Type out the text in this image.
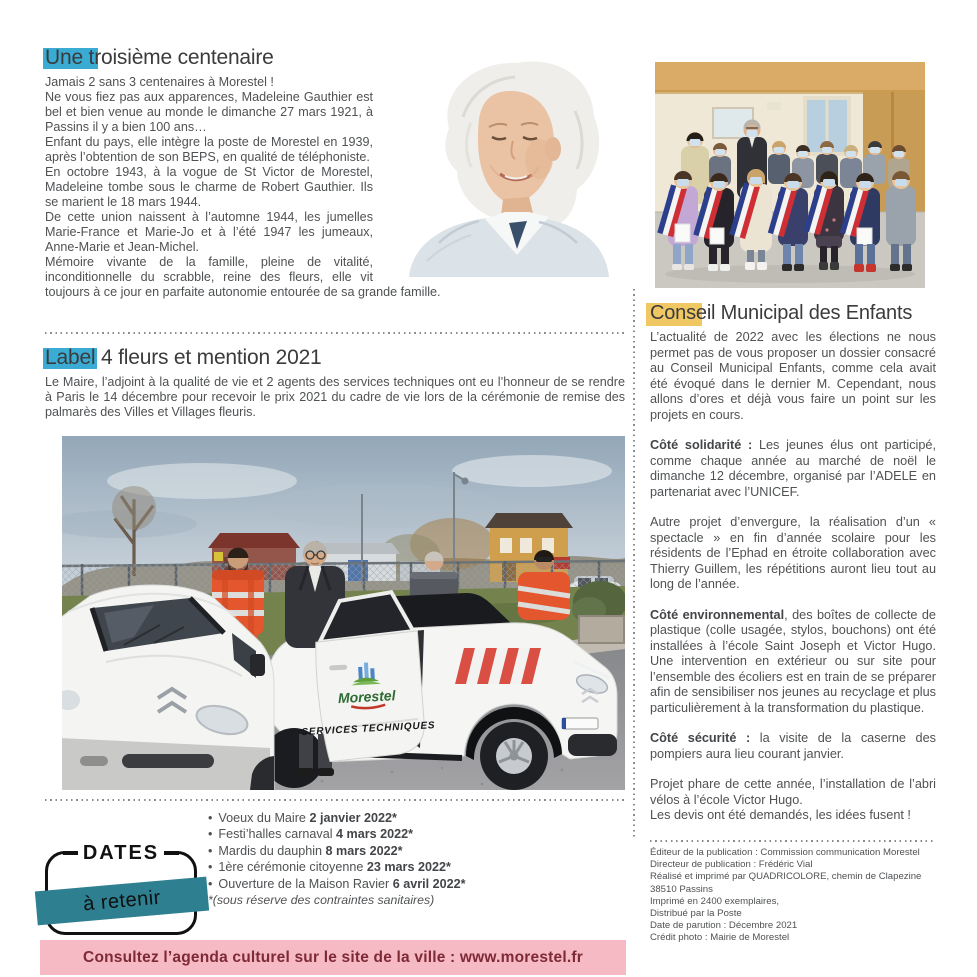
Une troisième centenaire

Jamais 2 sans 3 centenaires à Morestel !

Ne vous fiez pas aux apparences, Madeleine Gauthier est bel et bien venue au monde le dimanche 27 mars 1921, à Passins il y a bien 100 ans…

Enfant du pays, elle intègre la poste de Morestel en 1939, après l’obtention de son BEPS, en qualité de téléphoniste.

En octobre 1943, à la vogue de St Victor de Morestel, Madeleine tombe sous le charme de Robert Gauthier. Ils se marient le 18 mars 1944.

De cette union naissent à l’automne 1944, les jumelles Marie-France et Marie-Jo et à l’été 1947 les jumeaux, Anne-Marie et Jean-Michel.

Mémoire vivante de la famille, pleine de vitalité, inconditionnelle du scrabble, reine des fleurs, elle vit toujours à ce jour en parfaite autonomie entourée de sa grande famille.

Label 4 fleurs et mention 2021

Le Maire, l’adjoint à la qualité de vie et 2 agents des services techniques ont eu l’honneur de se rendre à Paris le 14 décembre pour recevoir le prix 2021 du cadre de vie lors de la cérémonie de remise des palmarès des Villes et Villages fleuris.

Morestel
SERVICES TECHNIQUES
DATES
à retenir
• Voeux du Maire 2 janvier 2022*
• Festi’halles carnaval 4 mars 2022*
• Mardis du dauphin 8 mars 2022*
• 1ère cérémonie citoyenne 23 mars 2022*
• Ouverture de la Maison Ravier 6 avril 2022*
*(sous réserve des contraintes sanitaires)
Consultez l’agenda culturel sur le site de la ville : www.morestel.fr
Conseil Municipal des Enfants

L’actualité de 2022 avec les élections ne nous permet pas de vous proposer un dossier consacré au Conseil Municipal Enfants, comme cela avait été évoqué dans le dernier M. Cependant, nous allons d’ores et déjà vous faire un point sur les projets en cours.

Côté solidarité : Les jeunes élus ont participé, comme chaque année au marché de noël le dimanche 12 décembre, organisé par l’ADELE en partenariat avec l’UNICEF.

Autre projet d’envergure, la réalisation d’un « spectacle » en fin d’année scolaire pour les résidents de l’Ephad en étroite collaboration avec Thierry Guillem, les répétitions auront lieu tout au long de l’année.

Côté environnemental, des boîtes de collecte de plastique (colle usagée, stylos, bouchons) ont été installées à l’école Saint Joseph et Victor Hugo. Une intervention en extérieur ou sur site pour l’ensemble des écoliers est en train de se préparer afin de sensibiliser nos jeunes au recyclage et plus particulièrement à la transformation du plastique.

Côté sécurité : la visite de la caserne des pompiers aura lieu courant janvier.

Projet phare de cette année, l’installation de l’abri vélos à l’école Victor Hugo.

Les devis ont été demandés, les idées fusent !

Éditeur de la publication : Commission communication Morestel
Directeur de publication : Frédéric Vial
Réalisé et imprimé par QUADRICOLORE, chemin de Clapezine
38510 Passins
Imprimé en 2400 exemplaires,
Distribué par la Poste
Date de parution : Décembre 2021
Crédit photo : Mairie de Morestel
